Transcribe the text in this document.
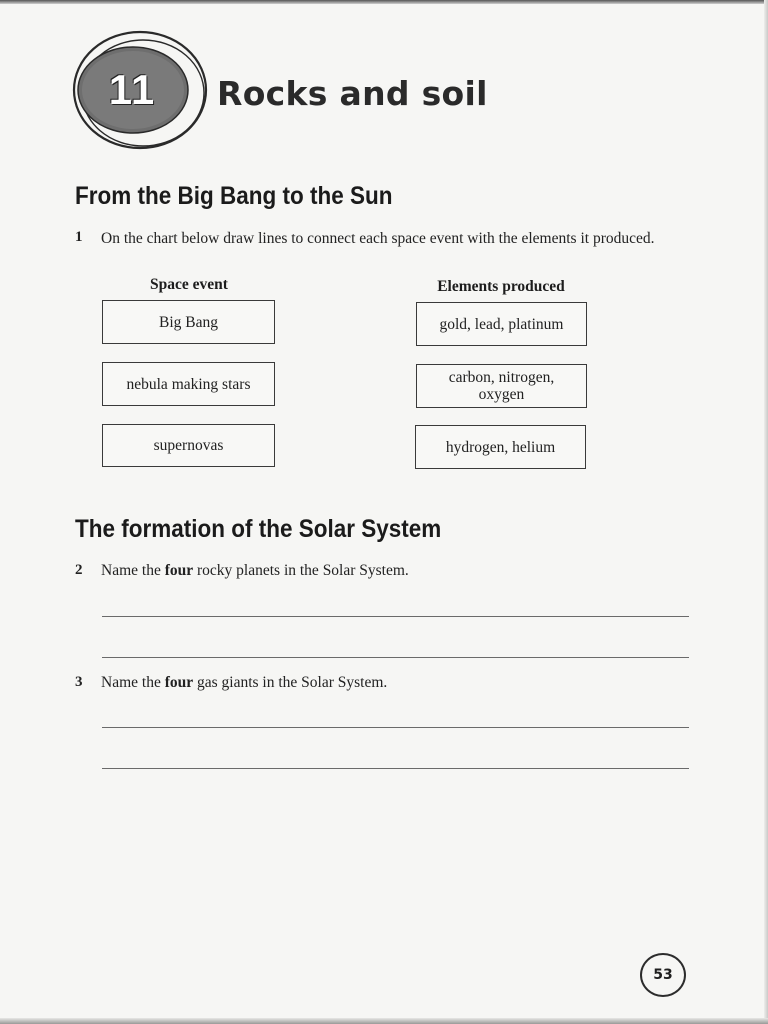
11	Rocks and soil
From the Big Bang to the Sun
1 On the chart below draw lines to connect each space event with the elements it produced.
Space event	Elements produced
Big Bang
nebula making stars
supernovas
gold, lead, platinum
carbon, nitrogen, oxygen
hydrogen, helium
The formation of the Solar System
2 Name the four rocky planets in the Solar System.
3 Name the four gas giants in the Solar System.
53
